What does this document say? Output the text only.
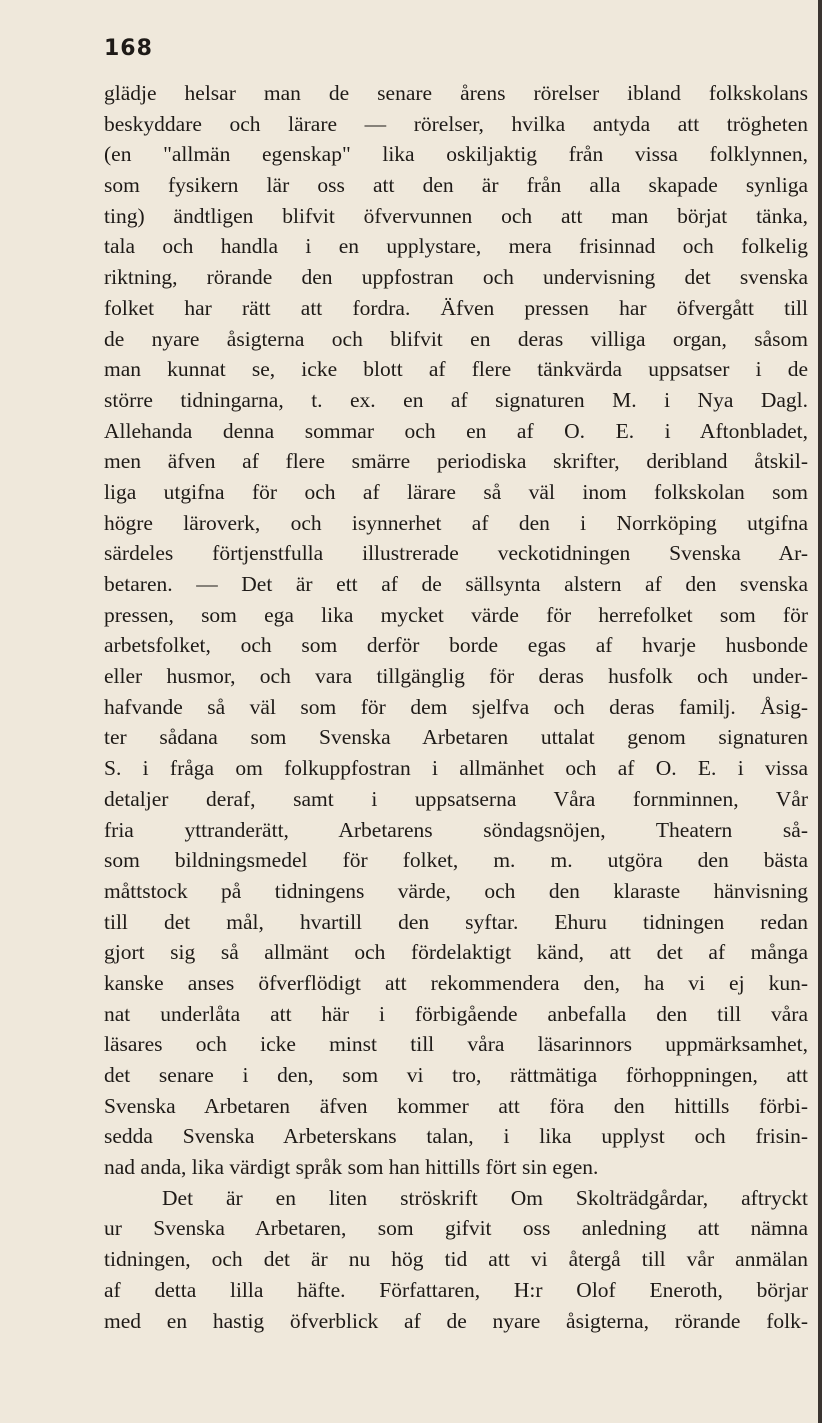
168
glädje helsar man de senare årens rörelser ibland folkskolans
beskyddare och lärare — rörelser, hvilka antyda att trögheten
(en "allmän egenskap" lika oskiljaktig från vissa folklynnen,
som fysikern lär oss att den är från alla skapade synliga
ting) ändtligen blifvit öfvervunnen och att man börjat tänka,
tala och handla i en upplystare, mera frisinnad och folkelig
riktning, rörande den uppfostran och undervisning det svenska
folket har rätt att fordra. Äfven pressen har öfvergått till
de nyare åsigterna och blifvit en deras villiga organ, såsom
man kunnat se, icke blott af flere tänkvärda uppsatser i de
större tidningarna, t. ex. en af signaturen M. i Nya Dagl.
Allehanda denna sommar och en af O. E. i Aftonbladet,
men äfven af flere smärre periodiska skrifter, deribland åtskil-
liga utgifna för och af lärare så väl inom folkskolan som
högre läroverk, och isynnerhet af den i Norrköping utgifna
särdeles förtjenstfulla illustrerade veckotidningen Svenska Ar-
betaren. — Det är ett af de sällsynta alstern af den svenska
pressen, som ega lika mycket värde för herrefolket som för
arbetsfolket, och som derför borde egas af hvarje husbonde
eller husmor, och vara tillgänglig för deras husfolk och under-
hafvande så väl som för dem sjelfva och deras familj. Åsig-
ter sådana som Svenska Arbetaren uttalat genom signaturen
S. i fråga om folkuppfostran i allmänhet och af O. E. i vissa
detaljer deraf, samt i uppsatserna Våra fornminnen, Vår
fria yttranderätt, Arbetarens söndagsnöjen, Theatern så-
som bildningsmedel för folket, m. m. utgöra den bästa
måttstock på tidningens värde, och den klaraste hänvisning
till det mål, hvartill den syftar. Ehuru tidningen redan
gjort sig så allmänt och fördelaktigt känd, att det af många
kanske anses öfverflödigt att rekommendera den, ha vi ej kun-
nat underlåta att här i förbigående anbefalla den till våra
läsares och icke minst till våra läsarinnors uppmärksamhet,
det senare i den, som vi tro, rättmätiga förhoppningen, att
Svenska Arbetaren äfven kommer att föra den hittills förbi-
sedda Svenska Arbeterskans talan, i lika upplyst och frisin-
nad anda, lika värdigt språk som han hittills fört sin egen.
Det är en liten ströskrift Om Skolträdgårdar, aftryckt
ur Svenska Arbetaren, som gifvit oss anledning att nämna
tidningen, och det är nu hög tid att vi återgå till vår anmälan
af detta lilla häfte. Författaren, H:r Olof Eneroth, börjar
med en hastig öfverblick af de nyare åsigterna, rörande folk-
